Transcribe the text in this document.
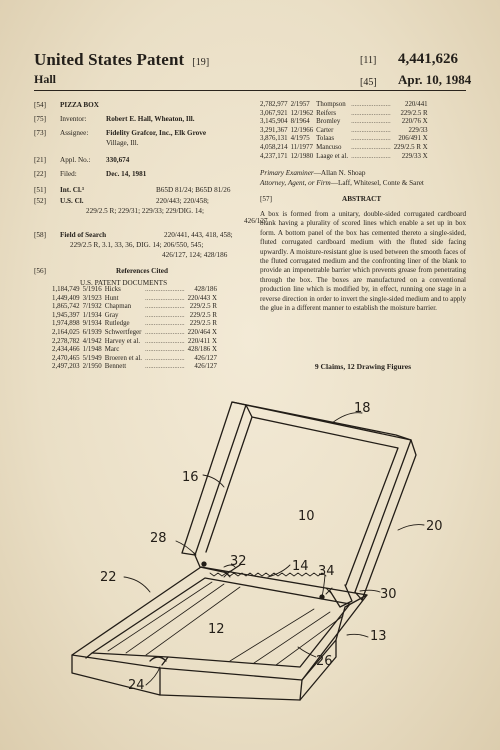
United States Patent [19]
Hall
[11] 4,441,626
[45] Apr. 10, 1984
[54] PIZZA BOX
[75] Inventor:	Robert E. Hall, Wheaton, Ill.
[73] Assignee: Fidelity Grafcor, Inc., Elk Grove
Village, Ill.
[21] Appl. No.: 330,674
[22] Filed:	Dec. 14, 1981
[51] Int. Cl.³	B65D 81/24; B65D 81/26
[52] U.S. Cl.	220/443; 220/458;
229/2.5 R; 229/31; 229/33; 229/DIG. 14;
426/127
[58] Field of Search	220/441, 443, 418, 458;
229/2.5 R, 3.1, 33, 36, DIG. 14; 206/550, 545;
426/127, 124; 428/186
[56]	References Cited
U.S. PATENT DOCUMENTS
1,184,749	5/1916	Hicks	.......................	428/186
1,449,409	3/1923	Hunt	.......................	220/443 X
1,865,742	7/1932	Chapman	.......................	229/2.5 R
1,945,397	1/1934	Gray	.......................	229/2.5 R
1,974,898	9/1934	Rutledge	.......................	229/2.5 R
2,164,025	6/1939	Schwertfeger	.......................	220/464 X
2,278,782	4/1942	Harvey et al.	.......................	220/411 X
2,434,466	1/1948	Marc	.......................	428/186 X
2,470,465	5/1949	Broeren et al.	.......................	426/127
2,497,203	2/1950	Bennett	.......................	426/127
2,782,977	2/1957	Thompson	.......................	220/441
3,067,921	12/1962	Reifers	.......................	229/2.5 R
3,145,904	8/1964	Bromley	.......................	220/76 X
3,291,367	12/1966	Carter	.......................	229/33
3,876,131	4/1975	Tolaas	.......................	206/491 X
4,058,214	11/1977	Mancuso	.......................	229/2.5 R X
4,237,171	12/1980	Laage et al.	.......................	229/33 X
Primary Examiner—Allan N. Shoap
Attorney, Agent, or Firm—Laff, Whitesel, Conte & Saret
[57]	ABSTRACT
A box is formed from a unitary, double-sided corrugated cardboard blank having a plurality of scored lines which enable a set up in box form. A bottom panel of the box has cemented thereto a single-sided, fluted corrugated cardboard medium with the fluted side facing upwardly. A moisture-resistant glue is used between the smooth faces of the fluted corrugated medium and the confronting liner of the blank to provide an impenetrable barrier which prevents grease from penetrating through the box. The boxes are manufactured on a conventional production line which is modified by, in effect, running one stage in a reverse direction in order to invert the single-sided medium and to apply the glue in a different manner to establish the moisture barrier.
9 Claims, 12 Drawing Figures
18
16
10
20
28
32	14 34
22
30
12	13
26
24
